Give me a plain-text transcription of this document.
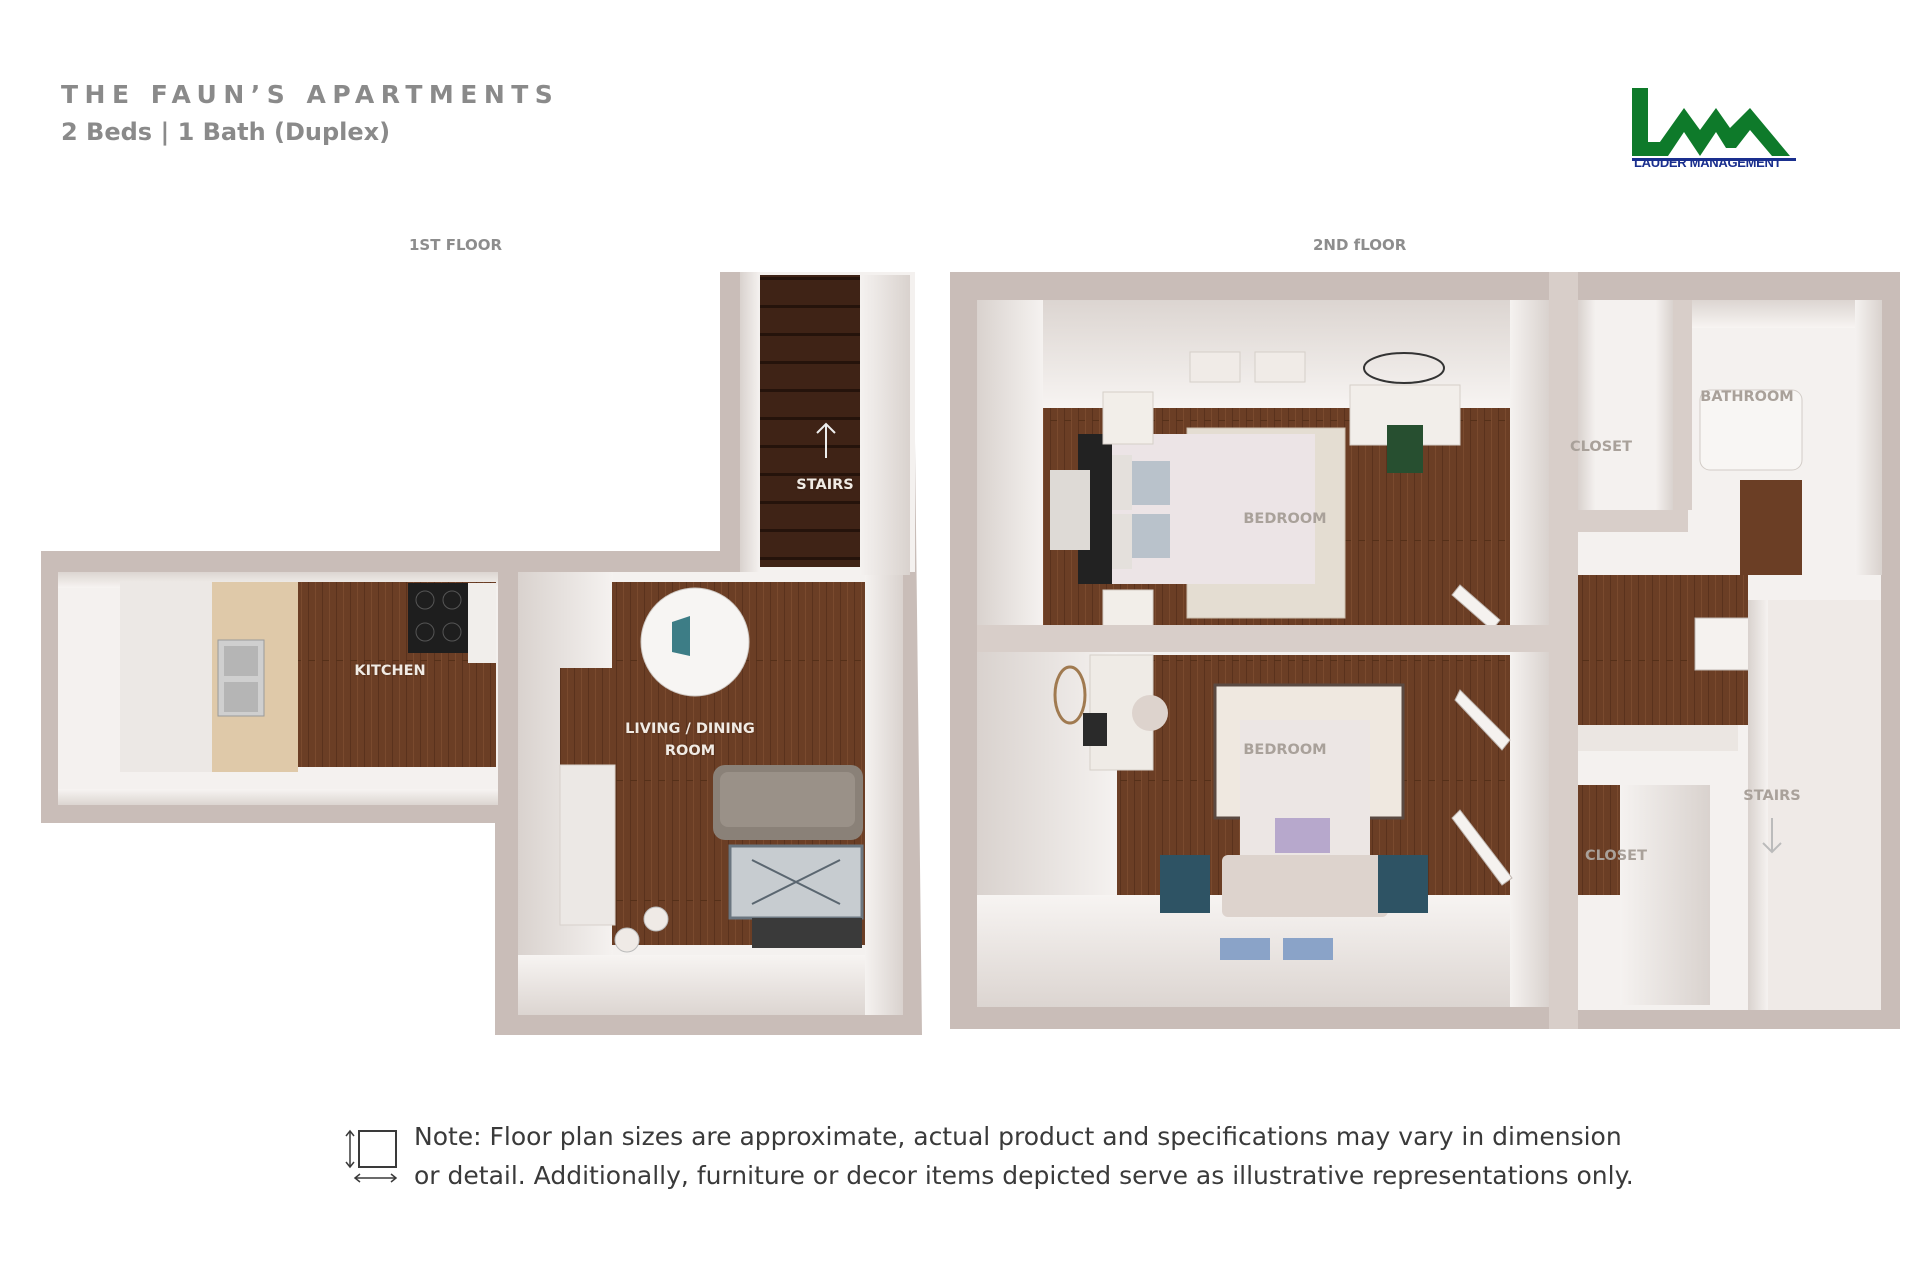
THE FAUN’S APARTMENTS
2 Beds | 1 Bath (Duplex)
LAUDER MANAGEMENT
1ST FLOOR	2ND fLOOR
STAIRS
KITCHEN
LIVING / DINING
ROOM
BEDROOM
BEDROOM
CLOSET
BATHROOM
CLOSET
STAIRS
Note: Floor plan sizes are approximate, actual product and specifications may vary in dimension
or detail. Additionally, furniture or decor items depicted serve as illustrative representations only.
